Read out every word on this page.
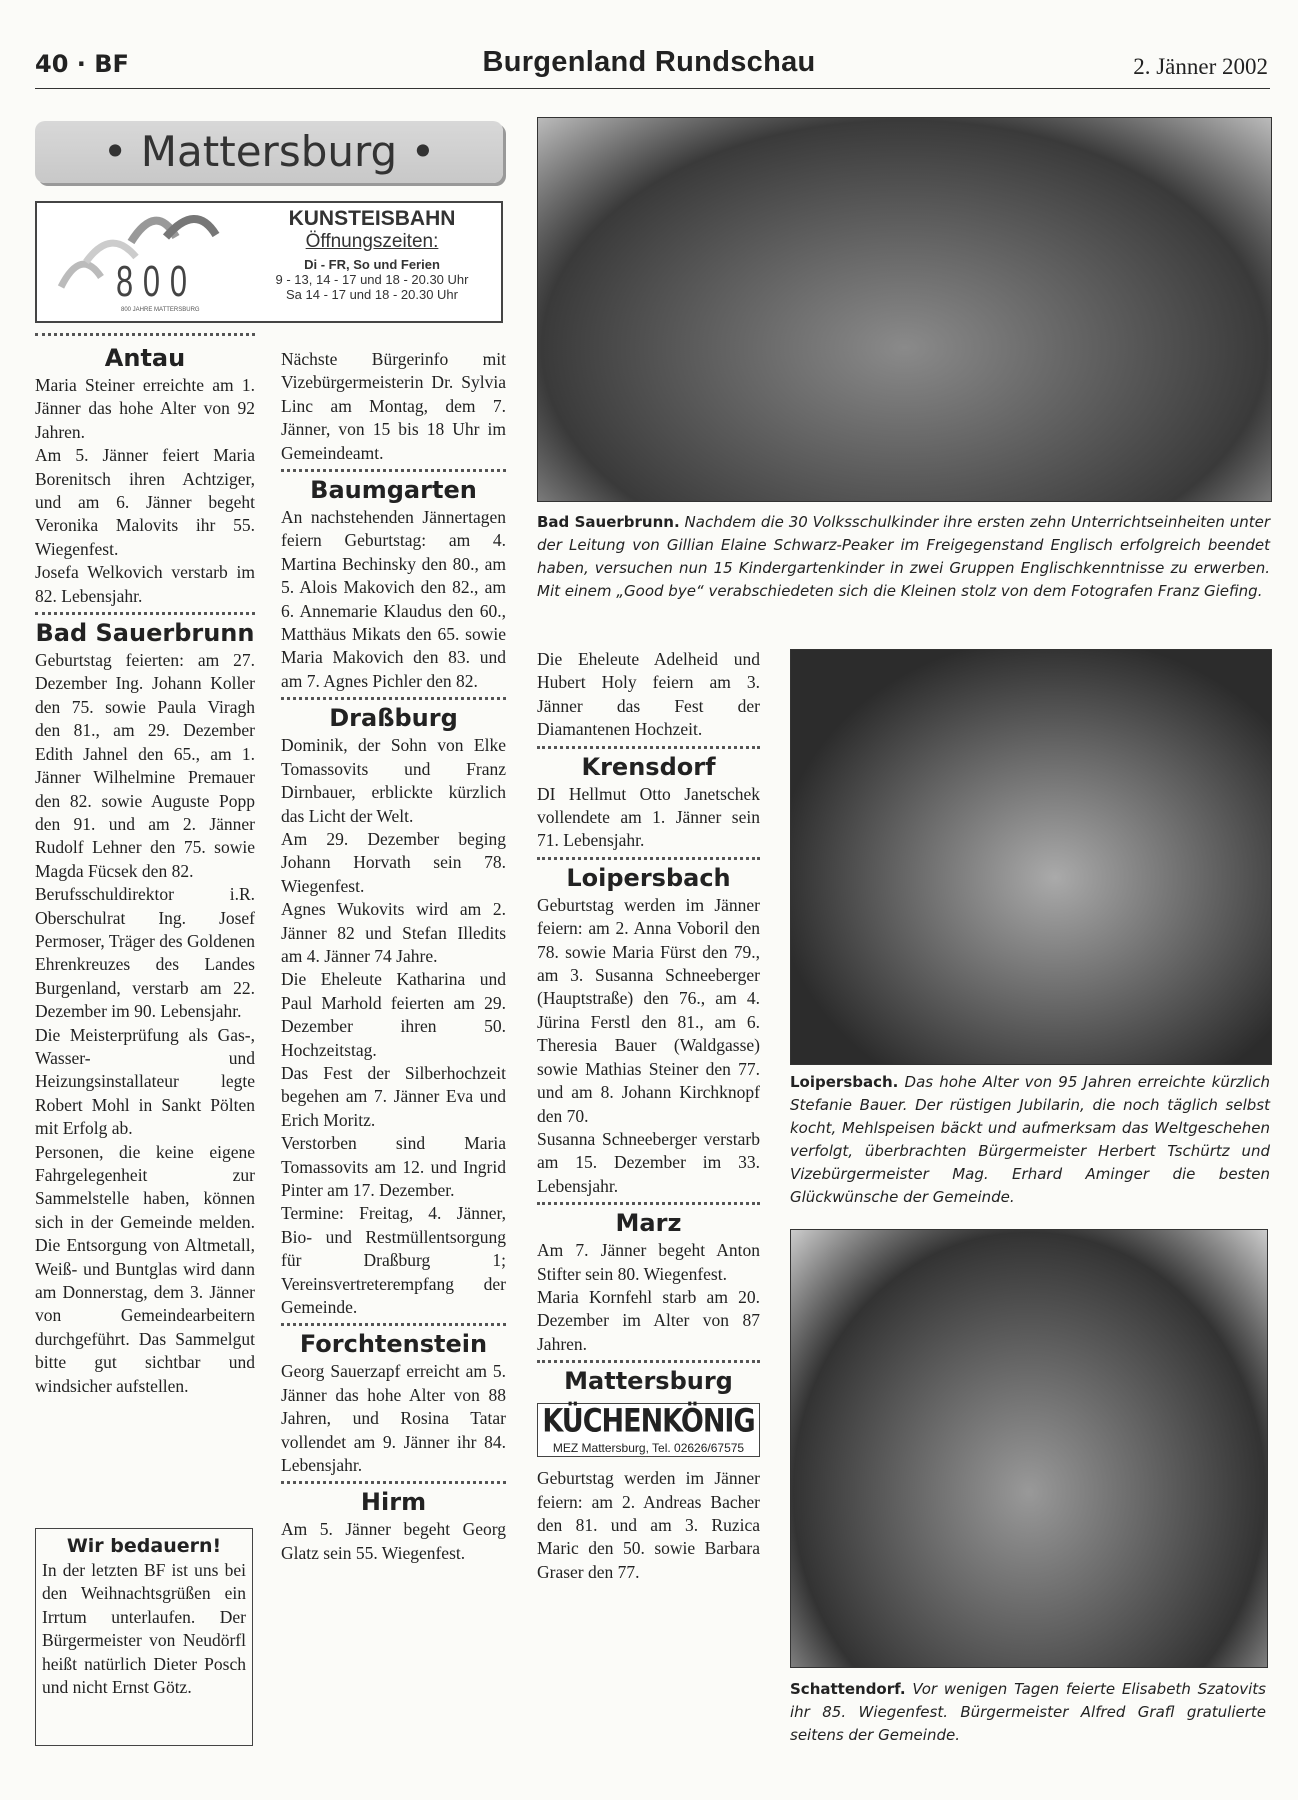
40 · BF	Burgenland Rundschau	2. Jänner 2002
• Mattersburg •
800
800 JAHRE MATTERSBURG
KUNSTEISBAHN
Öffnungszeiten:
Di - FR, So und Ferien
9 - 13, 14 - 17 und 18 - 20.30 Uhr
Sa 14 - 17 und 18 - 20.30 Uhr
Antau

Maria Steiner erreichte am 1. Jänner das hohe Alter von 92 Jahren.

Am 5. Jänner feiert Maria Borenitsch ihren Achtziger, und am 6. Jänner begeht Veronika Malovits ihr 55. Wiegenfest.

Josefa Welkovich verstarb im 82. Lebensjahr.

Bad Sauerbrunn

Geburtstag feierten: am 27. Dezember Ing. Johann Koller den 75. sowie Paula Viragh den 81., am 29. Dezember Edith Jahnel den 65., am 1. Jänner Wilhelmine Premauer den 82. sowie Auguste Popp den 91. und am 2. Jänner Rudolf Lehner den 75. sowie Magda Fücsek den 82.

Berufsschuldirektor i.R. Oberschulrat Ing. Josef Permoser, Träger des Goldenen Ehrenkreuzes des Landes Burgenland, verstarb am 22. Dezember im 90. Lebensjahr.

Die Meisterprüfung als Gas-, Wasser- und Heizungsinstallateur legte Robert Mohl in Sankt Pölten mit Erfolg ab.

Personen, die keine eigene Fahrgelegenheit zur Sammelstelle haben, können sich in der Gemeinde melden. Die Entsorgung von Altmetall, Weiß- und Buntglas wird dann am Donnerstag, dem 3. Jänner von Gemeindearbeitern durchgeführt. Das Sammelgut bitte gut sichtbar und windsicher aufstellen.

Nächste Bürgerinfo mit Vizebürgermeisterin Dr. Sylvia Linc am Montag, dem 7. Jänner, von 15 bis 18 Uhr im Gemeindeamt.

Baumgarten

An nachstehenden Jännertagen feiern Geburtstag: am 4. Martina Bechinsky den 80., am 5. Alois Makovich den 82., am 6. Annemarie Klaudus den 60., Matthäus Mikats den 65. sowie Maria Makovich den 83. und am 7. Agnes Pichler den 82.

Draßburg

Dominik, der Sohn von Elke Tomassovits und Franz Dirnbauer, erblickte kürzlich das Licht der Welt.

Am 29. Dezember beging Johann Horvath sein 78. Wiegenfest.

Agnes Wukovits wird am 2. Jänner 82 und Stefan Illedits am 4. Jänner 74 Jahre.

Die Eheleute Katharina und Paul Marhold feierten am 29. Dezember ihren 50. Hochzeitstag.

Das Fest der Silberhochzeit begehen am 7. Jänner Eva und Erich Moritz.

Verstorben sind Maria Tomassovits am 12. und Ingrid Pinter am 17. Dezember.

Termine: Freitag, 4. Jänner, Bio- und Restmüllentsorgung für Draßburg 1; Vereinsvertreterempfang der Gemeinde.

Forchtenstein

Georg Sauerzapf erreicht am 5. Jänner das hohe Alter von 88 Jahren, und Rosina Tatar vollendet am 9. Jänner ihr 84. Lebensjahr.

Hirm

Am 5. Jänner begeht Georg Glatz sein 55. Wiegenfest.

Die Eheleute Adelheid und Hubert Holy feiern am 3. Jänner das Fest der Diamantenen Hochzeit.

Krensdorf

DI Hellmut Otto Janetschek vollendete am 1. Jänner sein 71. Lebensjahr.

Loipersbach

Geburtstag werden im Jänner feiern: am 2. Anna Voboril den 78. sowie Maria Fürst den 79., am 3. Susanna Schneeberger (Hauptstraße) den 76., am 4. Jürina Ferstl den 81., am 6. Theresia Bauer (Waldgasse) sowie Mathias Steiner den 77. und am 8. Johann Kirchknopf den 70.

Susanna Schneeberger verstarb am 15. Dezember im 33. Lebensjahr.

Marz

Am 7. Jänner begeht Anton Stifter sein 80. Wiegenfest.

Maria Kornfehl starb am 20. Dezember im Alter von 87 Jahren.

Mattersburg
KÜCHENKÖNIG
MEZ Mattersburg, Tel. 02626/67575

Geburtstag werden im Jänner feiern: am 2. Andreas Bacher den 81. und am 3. Ruzica Maric den 50. sowie Barbara Graser den 77.

Wir bedauern!

In der letzten BF ist uns bei den Weihnachtsgrüßen ein Irrtum unterlaufen. Der Bürgermeister von Neudörfl heißt natürlich Dieter Posch und nicht Ernst Götz.

Bad Sauerbrunn. Nachdem die 30 Volksschulkinder ihre ersten zehn Unterrichtseinheiten unter der Leitung von Gillian Elaine Schwarz-Peaker im Freigegenstand Englisch erfolgreich beendet haben, versuchen nun 15 Kindergartenkinder in zwei Gruppen Englischkenntnisse zu erwerben. Mit einem „Good bye“ verabschiedeten sich die Kleinen stolz von dem Fotografen Franz Giefing.
Loipersbach. Das hohe Alter von 95 Jahren erreichte kürzlich Stefanie Bauer. Der rüstigen Jubilarin, die noch täglich selbst kocht, Mehlspeisen bäckt und aufmerksam das Weltgeschehen verfolgt, überbrachten Bürgermeister Herbert Tschürtz und Vizebürgermeister Mag. Erhard Aminger die besten Glückwünsche der Gemeinde.
Schattendorf. Vor wenigen Tagen feierte Elisabeth Szatovits ihr 85. Wiegenfest. Bürgermeister Alfred Grafl gratulierte seitens der Gemeinde.
